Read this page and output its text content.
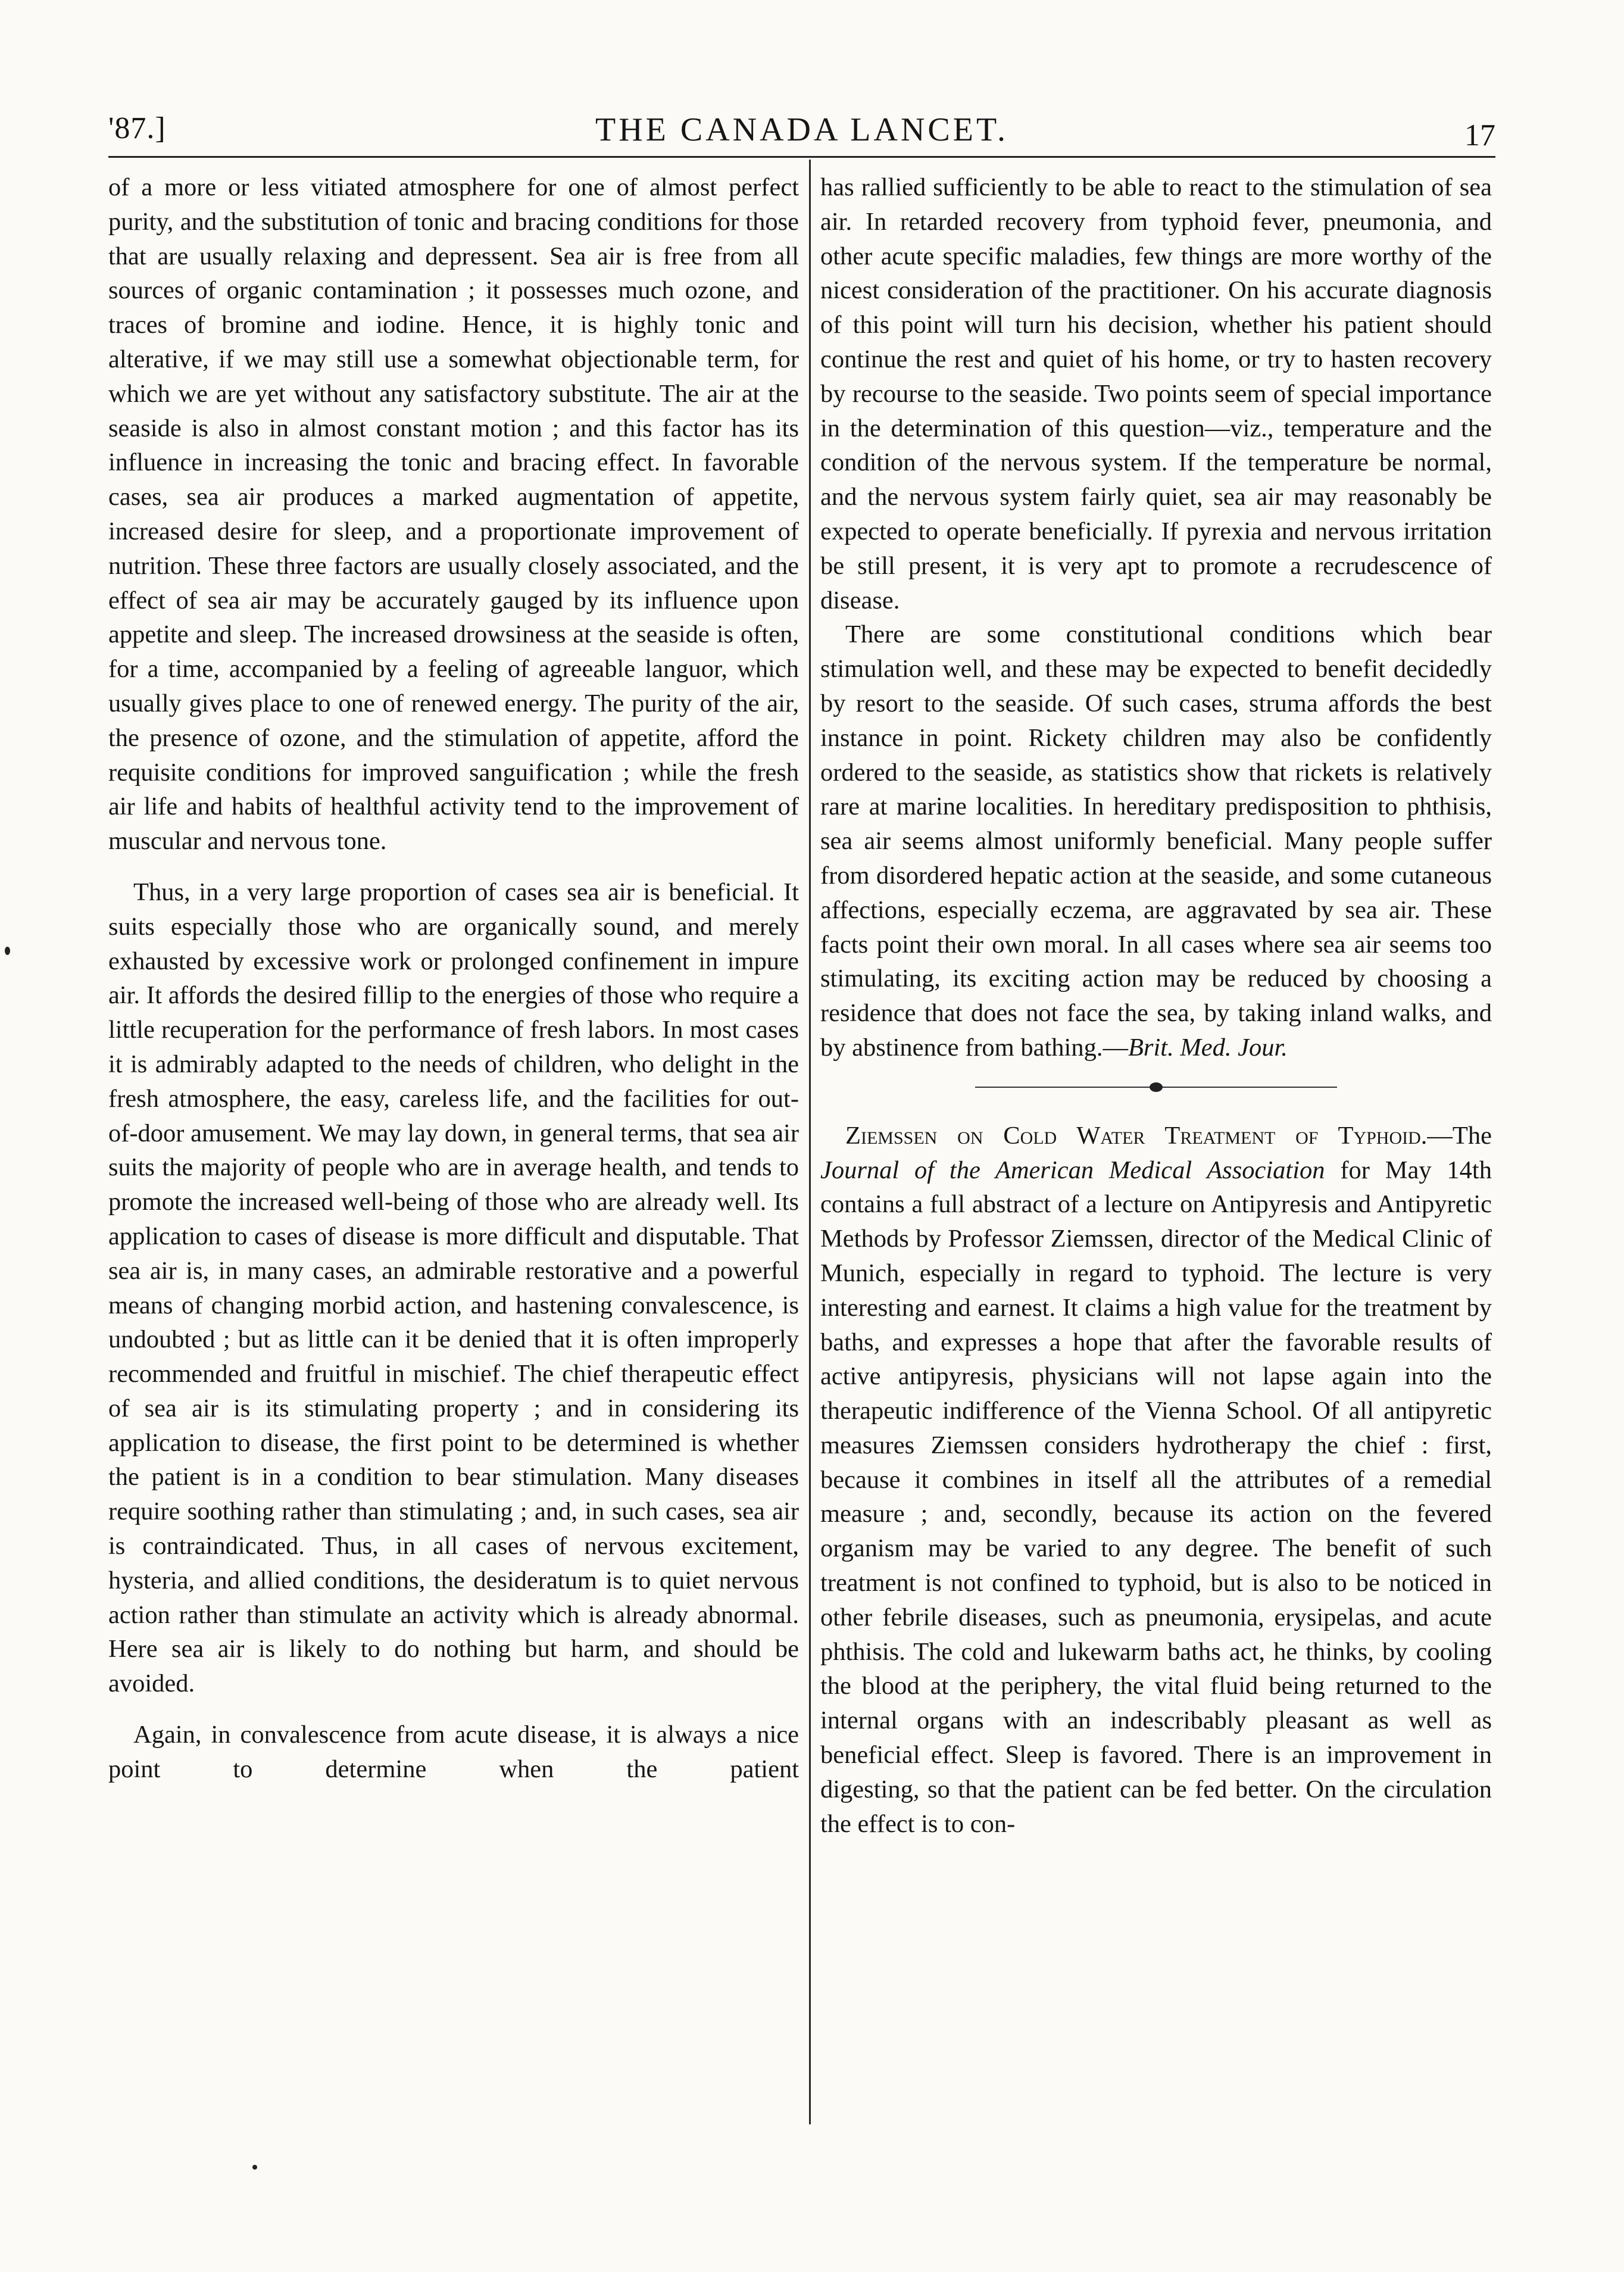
'87.]	THE CANADA LANCET.	17

of a more or less vitiated atmosphere for one of almost perfect purity, and the substitution of tonic and bracing conditions for those that are usually relaxing and depressent. Sea air is free from all sources of organic contamination ; it possesses much ozone, and traces of bromine and iodine. Hence, it is highly tonic and alterative, if we may still use a somewhat objectionable term, for which we are yet without any satisfactory substitute. The air at the seaside is also in almost constant motion ; and this factor has its influence in increasing the tonic and bracing effect. In favorable cases, sea air produces a marked augmentation of appetite, increased desire for sleep, and a proportionate improvement of nutrition. These three factors are usually closely associated, and the effect of sea air may be accurately gauged by its influence upon appetite and sleep. The increased drowsiness at the seaside is often, for a time, accompanied by a feeling of agreeable languor, which usually gives place to one of renewed energy. The purity of the air, the presence of ozone, and the stimulation of appetite, afford the requisite conditions for improved sanguification ; while the fresh air life and habits of healthful activity tend to the improvement of muscular and nervous tone.

Thus, in a very large proportion of cases sea air is beneficial. It suits especially those who are organically sound, and merely exhausted by excessive work or prolonged confinement in impure air. It affords the desired fillip to the energies of those who require a little recuperation for the performance of fresh labors. In most cases it is admirably adapted to the needs of children, who delight in the fresh atmosphere, the easy, careless life, and the facilities for out-of-door amusement. We may lay down, in general terms, that sea air suits the majority of people who are in average health, and tends to promote the increased well-being of those who are already well. Its application to cases of disease is more difficult and disputable. That sea air is, in many cases, an admirable restorative and a powerful means of changing morbid action, and hastening convalescence, is undoubted ; but as little can it be denied that it is often improperly recommended and fruitful in mischief. The chief therapeutic effect of sea air is its stimulating property ; and in considering its application to disease, the first point to be determined is whether the patient is in a condition to bear stimulation. Many diseases require soothing rather than stimulating ; and, in such cases, sea air is contraindicated. Thus, in all cases of nervous excitement, hysteria, and allied conditions, the desideratum is to quiet nervous action rather than stimulate an activity which is already abnormal. Here sea air is likely to do nothing but harm, and should be avoided.

Again, in convalescence from acute disease, it is always a nice point to determine when the patient

has rallied sufficiently to be able to react to the stimulation of sea air. In retarded recovery from typhoid fever, pneumonia, and other acute specific maladies, few things are more worthy of the nicest consideration of the practitioner. On his accurate diagnosis of this point will turn his decision, whether his patient should continue the rest and quiet of his home, or try to hasten recovery by recourse to the seaside. Two points seem of special importance in the determination of this question—viz., temperature and the condition of the nervous system. If the temperature be normal, and the nervous system fairly quiet, sea air may reasonably be expected to operate beneficially. If pyrexia and nervous irritation be still present, it is very apt to promote a recrudescence of disease.

There are some constitutional conditions which bear stimulation well, and these may be expected to benefit decidedly by resort to the seaside. Of such cases, struma affords the best instance in point. Rickety children may also be confidently ordered to the seaside, as statistics show that rickets is relatively rare at marine localities. In hereditary predisposition to phthisis, sea air seems almost uniformly beneficial. Many people suffer from disordered hepatic action at the seaside, and some cutaneous affections, especially eczema, are aggravated by sea air. These facts point their own moral. In all cases where sea air seems too stimulating, its exciting action may be reduced by choosing a residence that does not face the sea, by taking inland walks, and by abstinence from bathing.—Brit. Med. Jour.

Ziemssen on Cold Water Treatment of Typhoid.—The Journal of the American Medical Association for May 14th contains a full abstract of a lecture on Antipyresis and Antipyretic Methods by Professor Ziemssen, director of the Medical Clinic of Munich, especially in regard to typhoid. The lecture is very interesting and earnest. It claims a high value for the treatment by baths, and expresses a hope that after the favorable results of active antipyresis, physicians will not lapse again into the therapeutic indifference of the Vienna School. Of all antipyretic measures Ziemssen considers hydrotherapy the chief : first, because it combines in itself all the attributes of a remedial measure ; and, secondly, because its action on the fevered organism may be varied to any degree. The benefit of such treatment is not confined to typhoid, but is also to be noticed in other febrile diseases, such as pneumonia, erysipelas, and acute phthisis. The cold and lukewarm baths act, he thinks, by cooling the blood at the periphery, the vital fluid being returned to the internal organs with an indescribably pleasant as well as beneficial effect. Sleep is favored. There is an improvement in digesting, so that the patient can be fed better. On the circulation the effect is to con-
